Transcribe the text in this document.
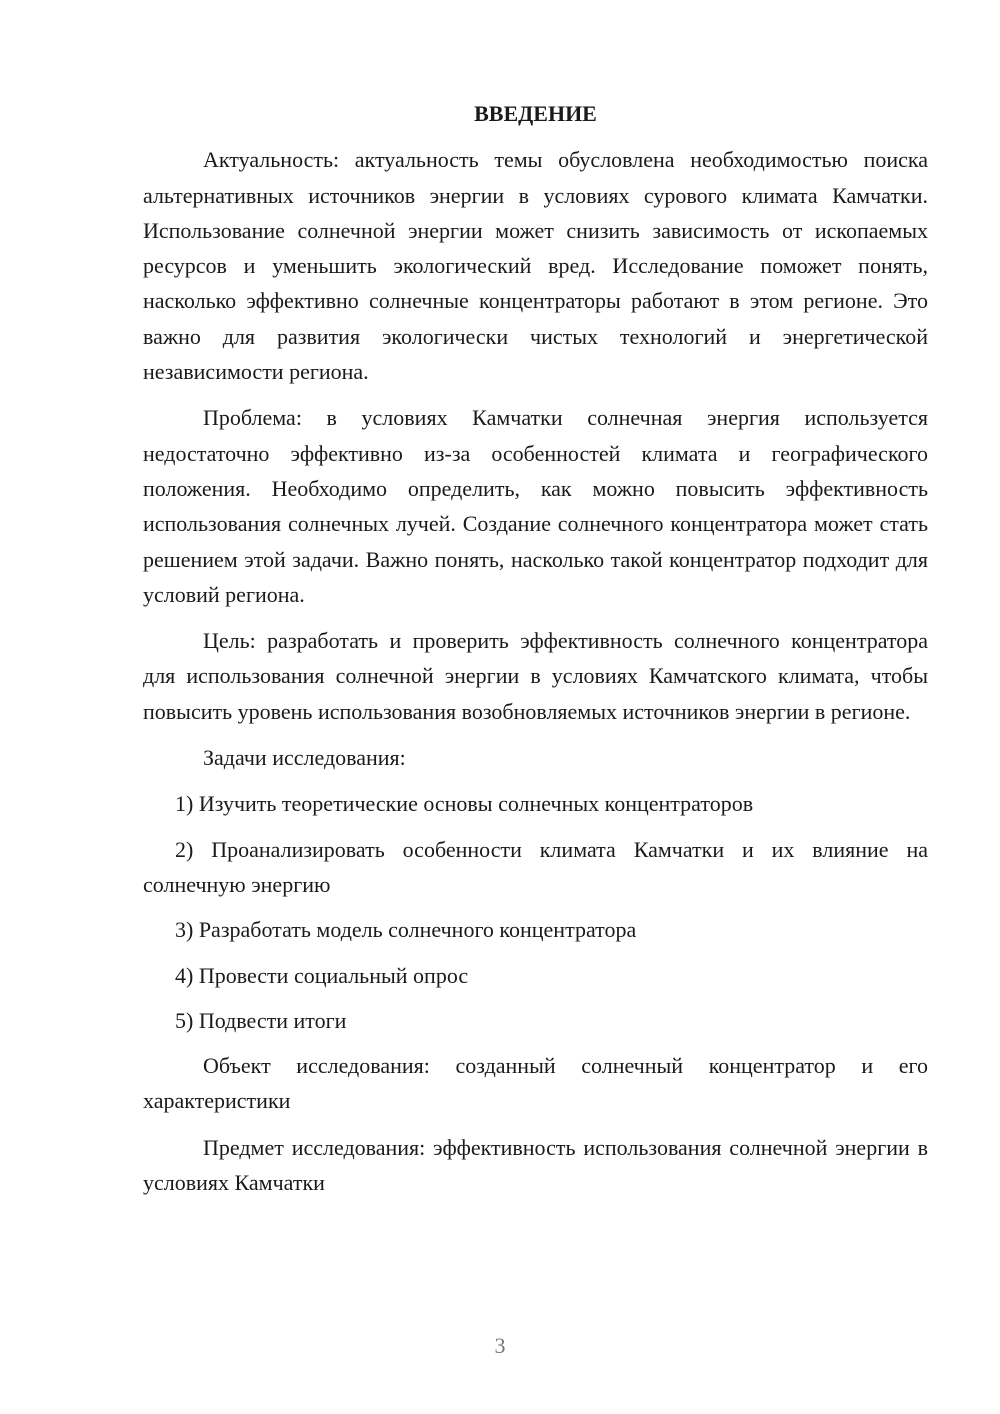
ВВЕДЕНИЕ

Актуальность: актуальность темы обусловлена необходимостью поиска альтернативных источников энергии в условиях сурового климата Камчатки. Использование солнечной энергии может снизить зависимость от ископаемых ресурсов и уменьшить экологический вред. Исследование поможет понять, насколько эффективно солнечные концентраторы работают в этом регионе. Это важно для развития экологически чистых технологий и энергетической независимости региона.

Проблема: в условиях Камчатки солнечная энергия используется недостаточно эффективно из-за особенностей климата и географического положения. Необходимо определить, как можно повысить эффективность использования солнечных лучей. Создание солнечного концентратора может стать решением этой задачи. Важно понять, насколько такой концентратор подходит для условий региона.

Цель: разработать и проверить эффективность солнечного концентратора для использования солнечной энергии в условиях Камчатского климата, чтобы повысить уровень использования возобновляемых источников энергии в регионе.

Задачи исследования:

1) Изучить теоретические основы солнечных концентраторов

2) Проанализировать особенности климата Камчатки и их влияние на солнечную энергию

3) Разработать модель солнечного концентратора

4) Провести социальный опрос

5) Подвести итоги

Объект исследования: созданный солнечный концентратор и его характеристики

Предмет исследования: эффективность использования солнечной энергии в условиях Камчатки

3
